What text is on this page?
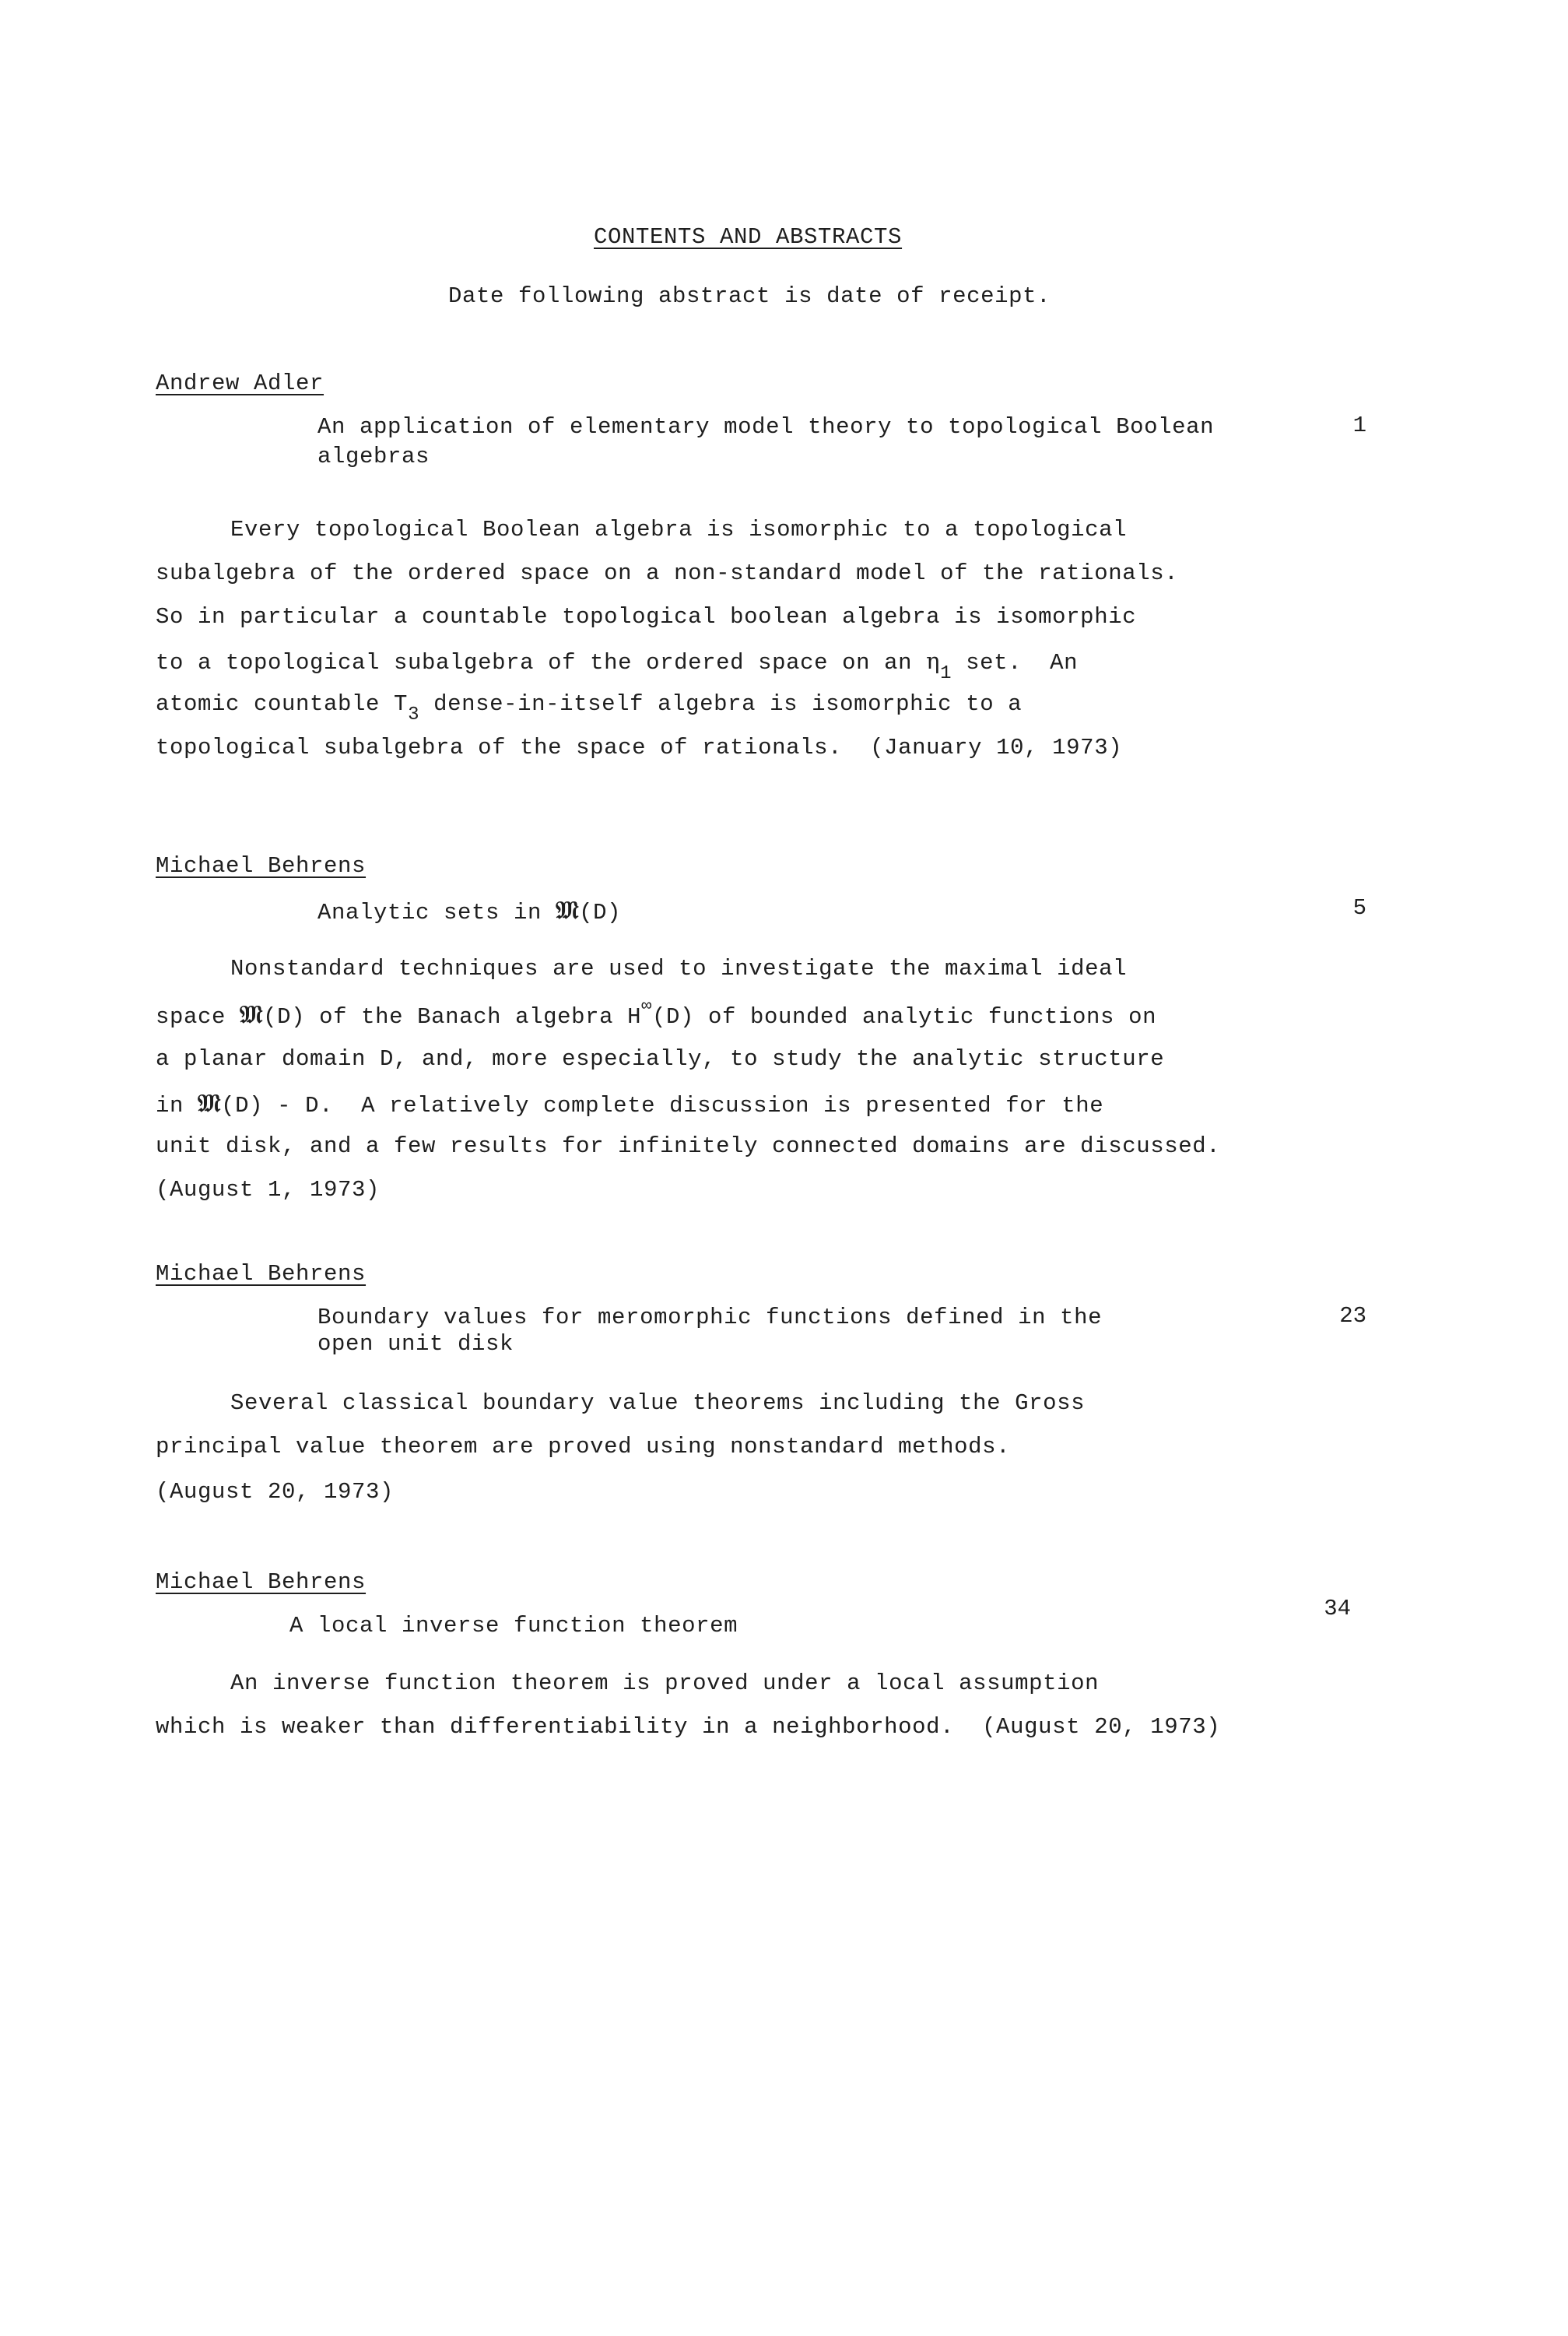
CONTENTS AND ABSTRACTS
Date following abstract is date of receipt.
Andrew Adler
An application of elementary model theory to topological Boolean
algebras
1
Every topological Boolean algebra is isomorphic to a topological
subalgebra of the ordered space on a non-standard model of the rationals.
So in particular a countable topological boolean algebra is isomorphic
to a topological subalgebra of the ordered space on an $\eta_1$ set.  An
atomic countable $T_3$ dense-in-itself algebra is isomorphic to a
topological subalgebra of the space of rationals.  (January 10, 1973)
Michael Behrens
Analytic sets in 𝔐(D)	5
Nonstandard techniques are used to investigate the maximal ideal
space 𝔐(D) of the Banach algebra H∞(D) of bounded analytic functions on
a planar domain D, and, more especially, to study the analytic structure
in 𝔐(D) - D.  A relatively complete discussion is presented for the
unit disk, and a few results for infinitely connected domains are discussed.
(August 1, 1973)
Michael Behrens
Boundary values for meromorphic functions defined in the
open unit disk
23
Several classical boundary value theorems including the Gross
principal value theorem are proved using nonstandard methods.
(August 20, 1973)
Michael Behrens
A local inverse function theorem
34
An inverse function theorem is proved under a local assumption
which is weaker than differentiability in a neighborhood.  (August 20, 1973)
